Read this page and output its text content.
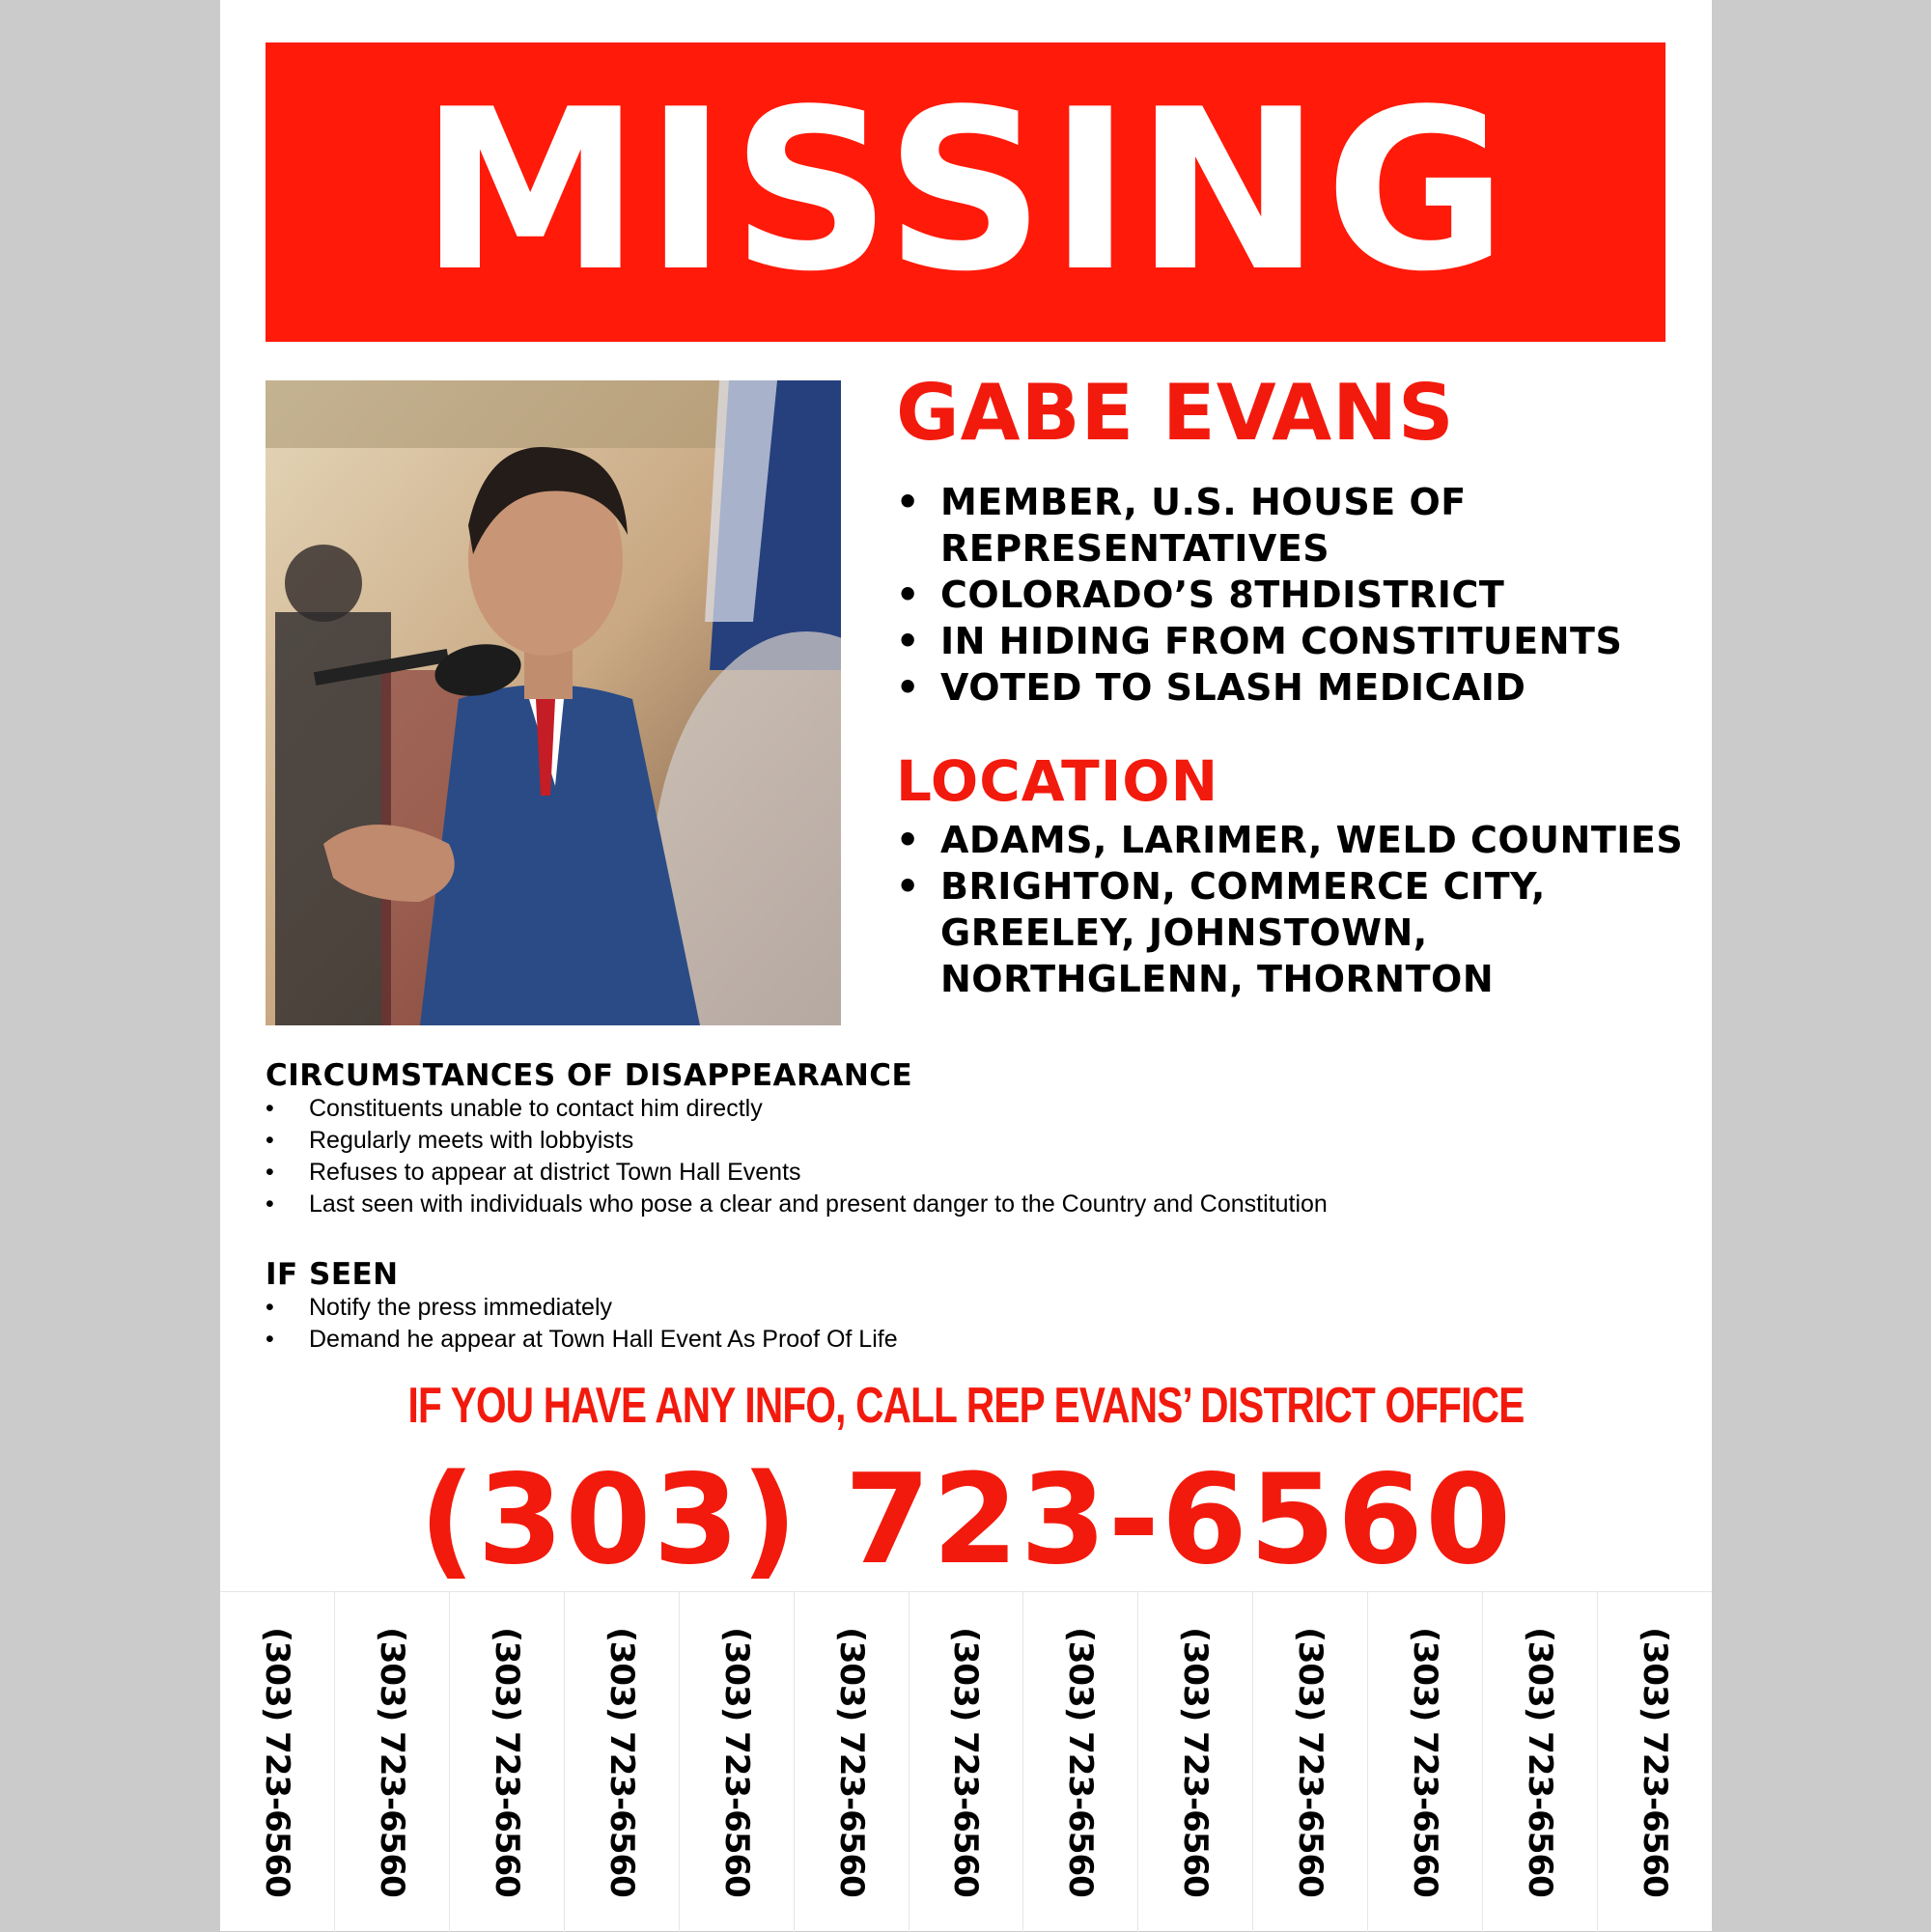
MISSING
GABE EVANS
• MEMBER, U.S. HOUSE OF
REPRESENTATIVES
• COLORADO’S 8THDISTRICT
• IN HIDING FROM CONSTITUENTS
• VOTED TO SLASH MEDICAID
LOCATION
• ADAMS, LARIMER, WELD COUNTIES
• BRIGHTON, COMMERCE CITY,
GREELEY, JOHNSTOWN,
NORTHGLENN, THORNTON
CIRCUMSTANCES OF DISAPPEARANCE
• Constituents unable to contact him directly
• Regularly meets with lobbyists
• Refuses to appear at district Town Hall Events
• Last seen with individuals who pose a clear and present danger to the Country and Constitution
IF SEEN
• Notify the press immediately
• Demand he appear at Town Hall Event As Proof Of Life
IF YOU HAVE ANY INFO, CALL REP EVANS’ DISTRICT OFFICE
(303) 723-6560
(303) 723-6560 (303) 723-6560 (303) 723-6560 (303) 723-6560 (303) 723-6560 (303) 723-6560 (303) 723-6560 (303) 723-6560 (303) 723-6560 (303) 723-6560 (303) 723-6560 (303) 723-6560 (303) 723-6560
